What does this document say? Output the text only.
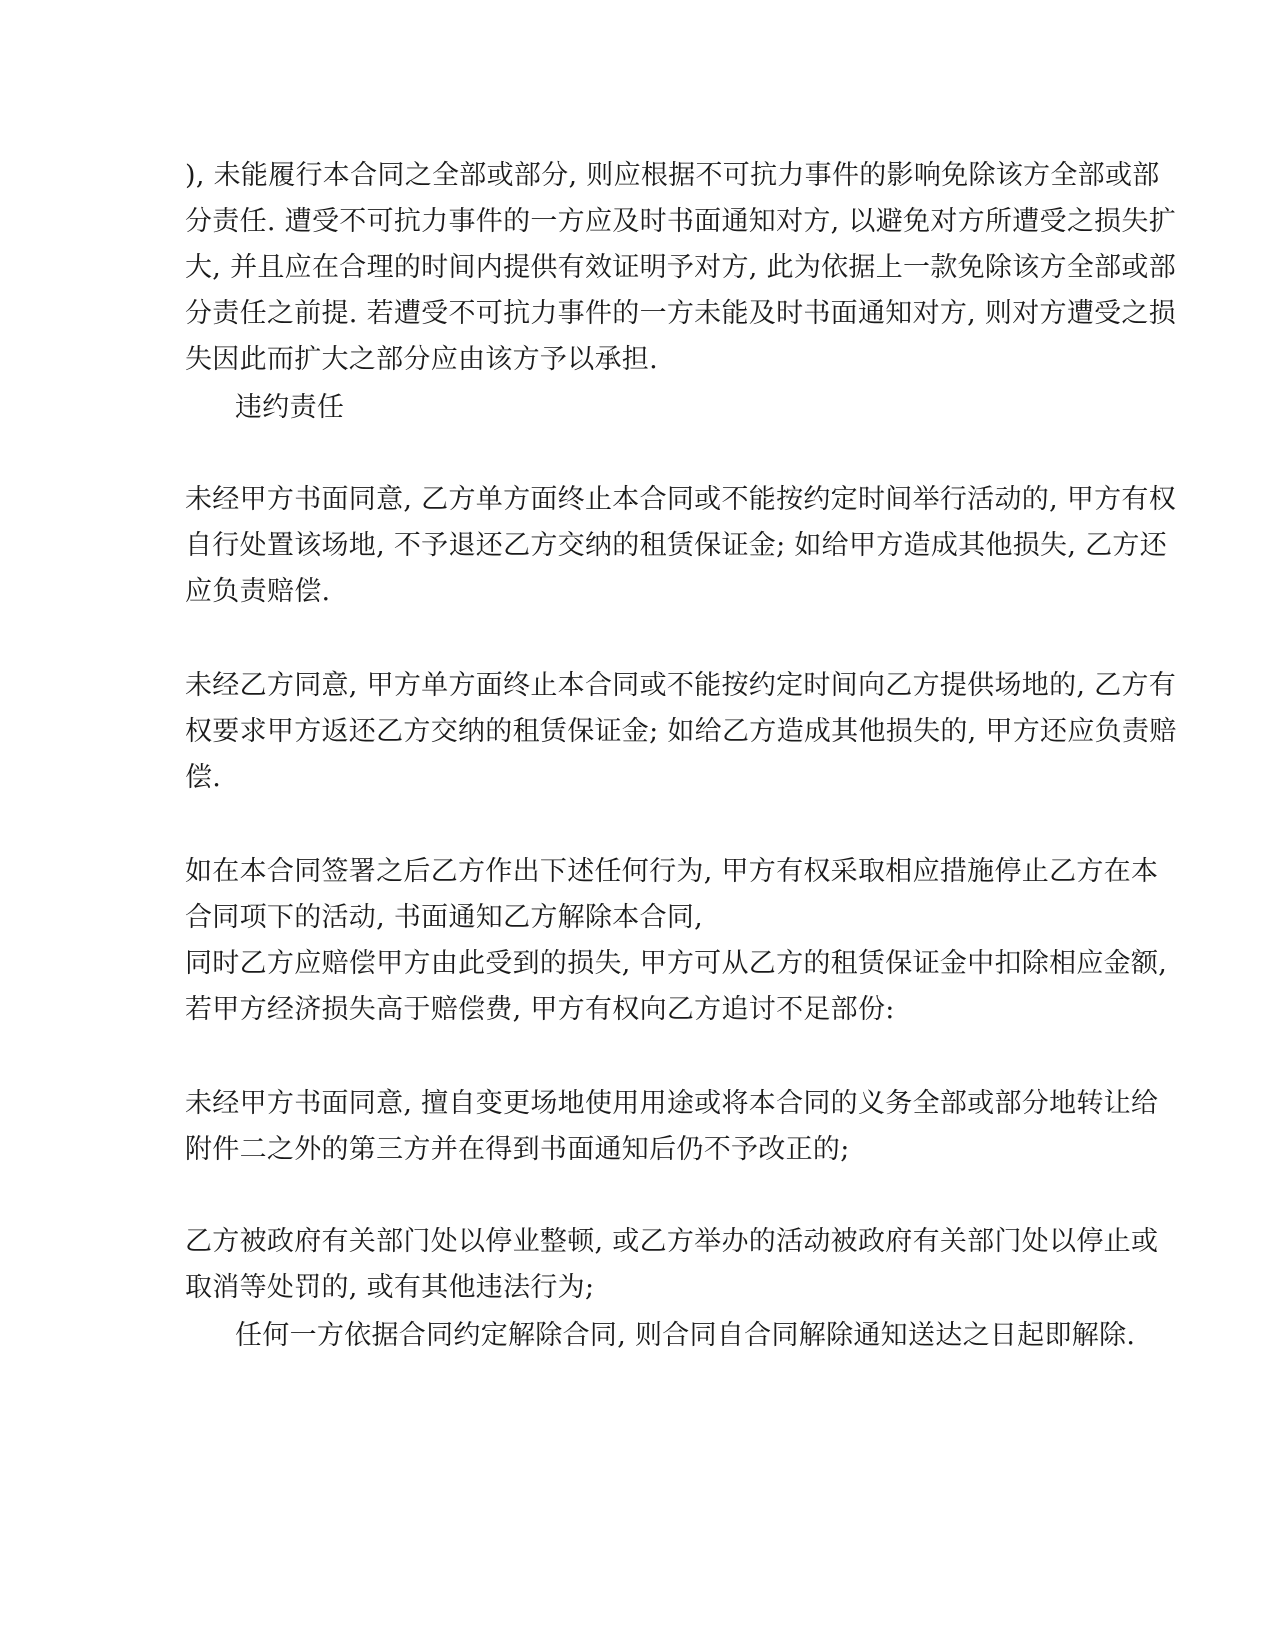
), 未能履行本合同之全部或部分, 则应根据不可抗力事件的影响免除该方全部或部
分责任. 遭受不可抗力事件的一方应及时书面通知对方, 以避免对方所遭受之损失扩
大, 并且应在合理的时间内提供有效证明予对方, 此为依据上一款免除该方全部或部
分责任之前提. 若遭受不可抗力事件的一方未能及时书面通知对方, 则对方遭受之损
失因此而扩大之部分应由该方予以承担.
违约责任
未经甲方书面同意, 乙方单方面终止本合同或不能按约定时间举行活动的, 甲方有权
自行处置该场地, 不予退还乙方交纳的租赁保证金; 如给甲方造成其他损失, 乙方还
应负责赔偿.
未经乙方同意, 甲方单方面终止本合同或不能按约定时间向乙方提供场地的, 乙方有
权要求甲方返还乙方交纳的租赁保证金; 如给乙方造成其他损失的, 甲方还应负责赔
偿.
如在本合同签署之后乙方作出下述任何行为, 甲方有权采取相应措施停止乙方在本
合同项下的活动, 书面通知乙方解除本合同,
同时乙方应赔偿甲方由此受到的损失, 甲方可从乙方的租赁保证金中扣除相应金额,
若甲方经济损失高于赔偿费, 甲方有权向乙方追讨不足部份:
未经甲方书面同意, 擅自变更场地使用用途或将本合同的义务全部或部分地转让给
附件二之外的第三方并在得到书面通知后仍不予改正的;
乙方被政府有关部门处以停业整顿, 或乙方举办的活动被政府有关部门处以停止或
取消等处罚的, 或有其他违法行为;
任何一方依据合同约定解除合同, 则合同自合同解除通知送达之日起即解除.
